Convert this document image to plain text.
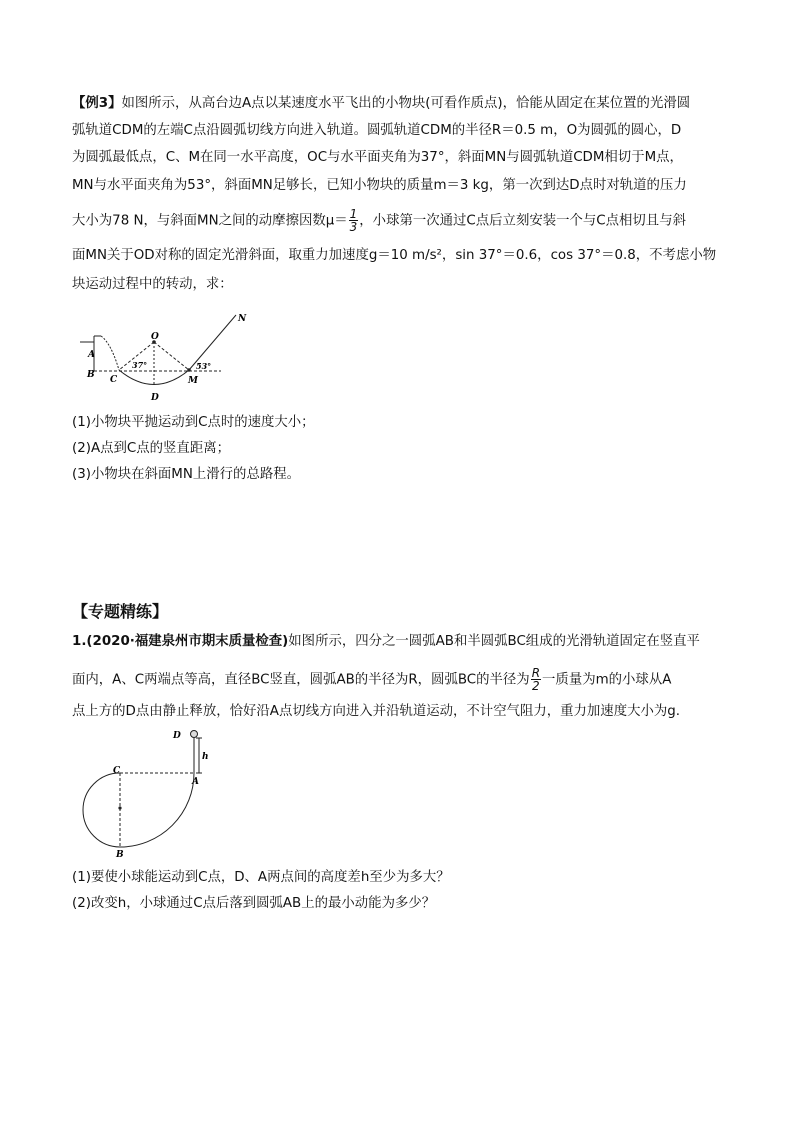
【例3】如图所示，从高台边A点以某速度水平飞出的小物块(可看作质点)，恰能从固定在某位置的光滑圆
弧轨道CDM的左端C点沿圆弧切线方向进入轨道。圆弧轨道CDM的半径R＝0.5 m，O为圆弧的圆心，D
为圆弧最低点，C、M在同一水平高度，OC与水平面夹角为37°，斜面MN与圆弧轨道CDM相切于M点，
MN与水平面夹角为53°，斜面MN足够长，已知小物块的质量m＝3 kg，第一次到达D点时对轨道的压力
大小为78 N，与斜面MN之间的动摩擦因数$\mu= \frac{1}{3}$ ，小球第一次通过C点后立刻安装一个与C点相切且与斜
面MN关于OD对称的固定光滑斜面，取重力加速度g＝10 m/s²，sin 37°＝0.6，cos 37°＝0.8，不考虑小物
块运动过程中的转动，求：
A
B C
O
D
M
N
37°	53°
(1)小物块平抛运动到C点时的速度大小；
(2)A点到C点的竖直距离；
(3)小物块在斜面MN上滑行的总路程。
【专题精练】
1.(2020·福建泉州市期末质量检查)如图所示，四分之一圆弧AB和半圆弧BC组成的光滑轨道固定在竖直平
面内，A、C两端点等高，直径BC竖直，圆弧AB的半径为R，圆弧BC的半径为 $\frac{R}{2}$ 一质量为m的小球从A
点上方的D点由静止释放，恰好沿A点切线方向进入并沿轨道运动，不计空气阻力，重力加速度大小为g.
D
h
C
A
B
(1)要使小球能运动到C点，D、A两点间的高度差h至少为多大？
(2)改变h，小球通过C点后落到圆弧AB上的最小动能为多少？
